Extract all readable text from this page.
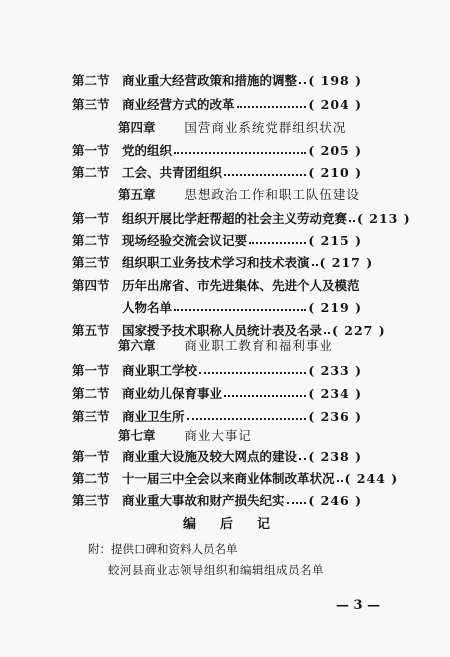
第二节 商业重大经营政策和措施的调整 ( 198 )
第三节 商业经营方式的改革	( 204 )
第四章 国营商业系统党群组织状况
第一节 党的组织	( 205 )
第二节 工会、共青团组织	( 210 )
第五章 思想政治工作和职工队伍建设
第一节 组织开展比学赶帮超的社会主义劳动竞赛 ( 213 )
第二节 现场经验交流会议记要	( 215 )
第三节 组织职工业务技术学习和技术表演 ( 217 )
第四节 历年出席省、市先进集体、先进个人及模范
人物名单	( 219 )
第五节 国家授予技术职称人员统计表及名录 ( 227 )
第六章 商业职工教育和福利事业
第一节 商业职工学校	( 233 )
第二节 商业幼儿保育事业	( 234 )
第三节 商业卫生所	( 236 )
第七章 商业大事记
第一节 商业重大设施及较大网点的建设 ( 238 )
第二节 十一届三中全会以来商业体制改革状况 ( 244 )
第三节 商业重大事故和财产损失纪实 ( 246 )
编后记
附：提供口碑和资料人员名单
蛟河县商业志领导组织和编辑组成员名单
— 3 —
